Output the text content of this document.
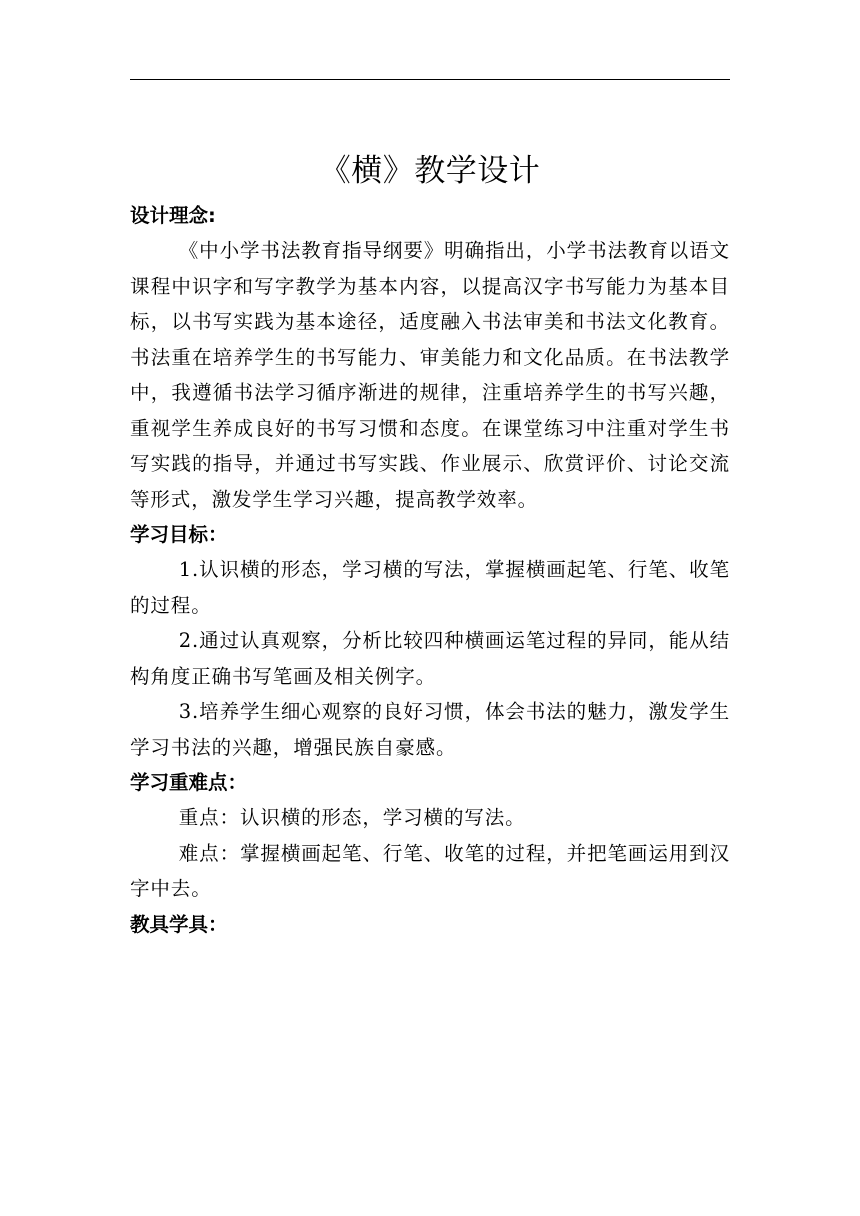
《横》教学设计
设计理念:

《中小学书法教育指导纲要》明确指出，小学书法教育以语文课程中识字和写字教学为基本内容，以提高汉字书写能力为基本目标，以书写实践为基本途径，适度融入书法审美和书法文化教育。书法重在培养学生的书写能力、审美能力和文化品质。在书法教学中，我遵循书法学习循序渐进的规律，注重培养学生的书写兴趣，重视学生养成良好的书写习惯和态度。在课堂练习中注重对学生书写实践的指导，并通过书写实践、作业展示、欣赏评价、讨论交流等形式，激发学生学习兴趣，提高教学效率。

学习目标：

1.认识横的形态，学习横的写法，掌握横画起笔、行笔、收笔的过程。

2.通过认真观察，分析比较四种横画运笔过程的异同，能从结构角度正确书写笔画及相关例字。

3.培养学生细心观察的良好习惯，体会书法的魅力，激发学生学习书法的兴趣，增强民族自豪感。

学习重难点：

重点：认识横的形态，学习横的写法。

难点：掌握横画起笔、行笔、收笔的过程，并把笔画运用到汉字中去。

教具学具：
